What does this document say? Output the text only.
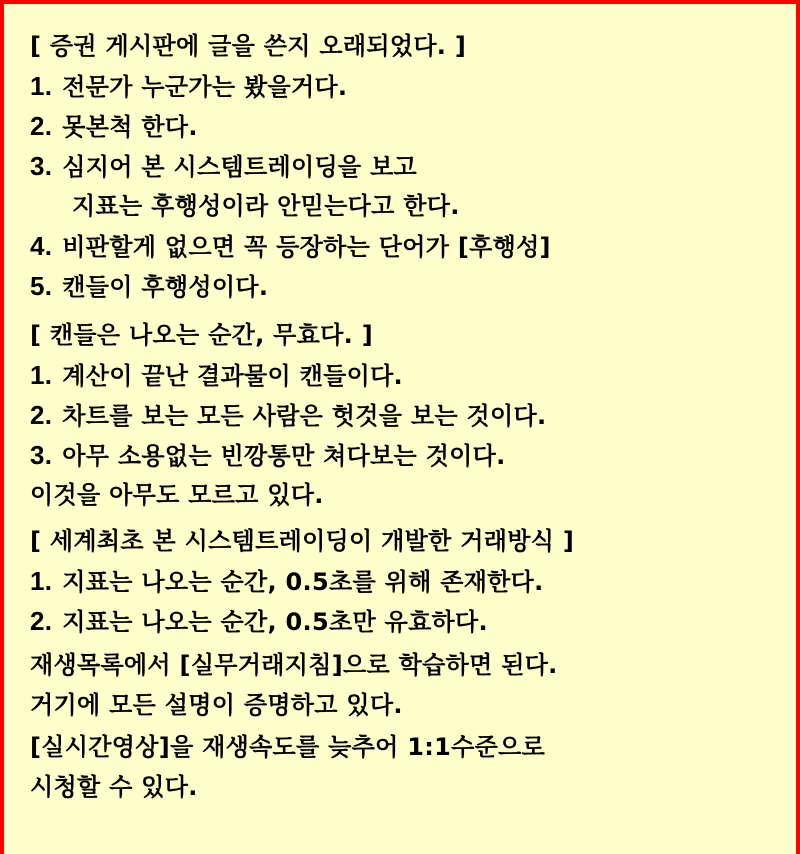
[ 증권 게시판에 글을 쓴지 오래되었다. ]
1. 전문가 누군가는 봤을거다.
2. 못본척 한다.
3. 심지어 본 시스템트레이딩을 보고
지표는 후행성이라 안믿는다고 한다.
4. 비판할게 없으면 꼭 등장하는 단어가 [후행성]
5. 캔들이 후행성이다.
[ 캔들은 나오는 순간, 무효다. ]
1. 계산이 끝난 결과물이 캔들이다.
2. 차트를 보는 모든 사람은 헛것을 보는 것이다.
3. 아무 소용없는 빈깡통만 쳐다보는 것이다.
이것을 아무도 모르고 있다.
[ 세계최초 본 시스템트레이딩이 개발한 거래방식 ]
1. 지표는 나오는 순간, 0.5초를 위해 존재한다.
2. 지표는 나오는 순간, 0.5초만 유효하다.
재생목록에서 [실무거래지침]으로 학습하면 된다.
거기에 모든 설명이 증명하고 있다.
[실시간영상]을 재생속도를 늦추어 1:1수준으로
시청할 수 있다.
